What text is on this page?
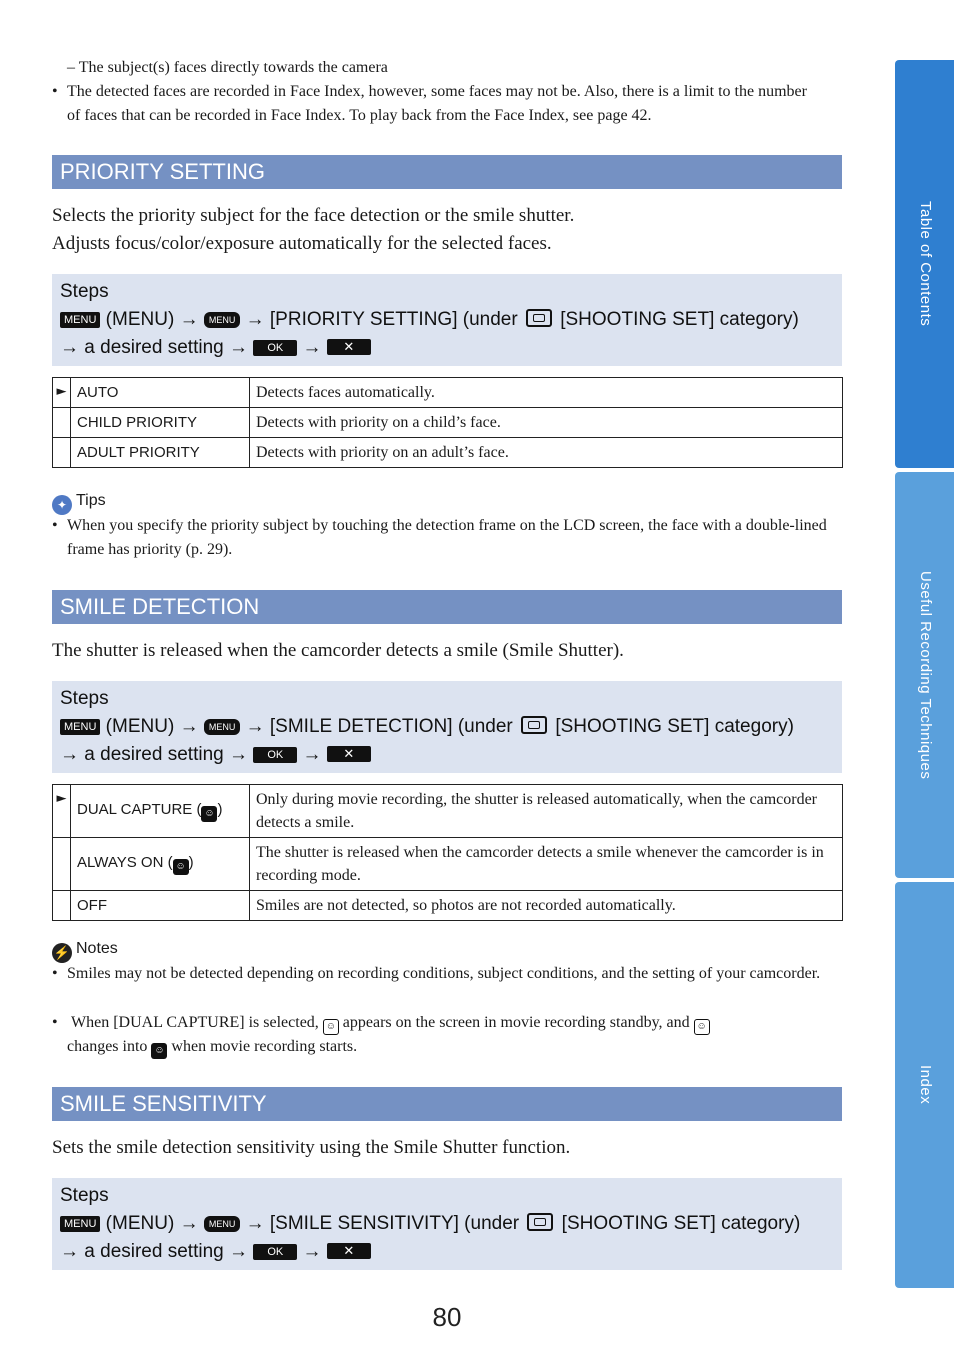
– The subject(s) faces directly towards the camera
• The detected faces are recorded in Face Index, however, some faces may not be. Also, there is a limit to the number of faces that can be recorded in Face Index. To play back from the Face Index, see page 42.
PRIORITY SETTING
Selects the priority subject for the face detection or the smile shutter.
Adjusts focus/color/exposure automatically for the selected faces.
Steps
MENU (MENU) → MENU → [PRIORITY SETTING] (under [SHOOTING SET] category)
→ a desired setting → OK → ✕
►	AUTO	Detects faces automatically.
	CHILD PRIORITY	Detects with priority on a child’s face.
	ADULT PRIORITY	Detects with priority on an adult’s face.
✦ Tips
• When you specify the priority subject by touching the detection frame on the LCD screen, the face with a double-lined frame has priority (p. 29).
SMILE DETECTION
The shutter is released when the camcorder detects a smile (Smile Shutter).
Steps
MENU (MENU) → MENU → [SMILE DETECTION] (under [SHOOTING SET] category)
→ a desired setting → OK → ✕
►	DUAL CAPTURE ( ☺ )	Only during movie recording, the shutter is released automatically, when the camcorder detects a smile.
	ALWAYS ON ( ☺ )	The shutter is released when the camcorder detects a smile whenever the camcorder is in recording mode.
	OFF	Smiles are not detected, so photos are not recorded automatically.
⚡ Notes
• Smiles may not be detected depending on recording conditions, subject conditions, and the setting of your camcorder.
• When [DUAL CAPTURE] is selected, ☺ appears on the screen in movie recording standby, and ☺
changes into ☺ when movie recording starts.
SMILE SENSITIVITY
Sets the smile detection sensitivity using the Smile Shutter function.
Steps
MENU (MENU) → MENU → [SMILE SENSITIVITY] (under [SHOOTING SET] category)
→ a desired setting → OK → ✕
Table of Contents
Useful Recording Techniques
Index
80
